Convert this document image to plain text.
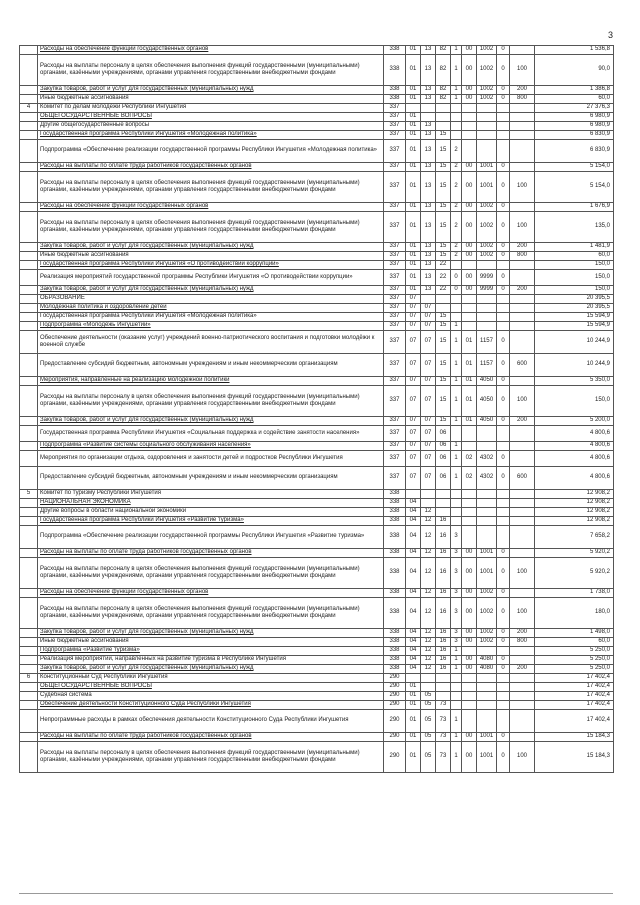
3
	Расходы на обеспечение функций государственных органов	338	01	13	82	1	00	1002	0		1 536,8
	Расходы на выплаты персоналу в целях обеспечения выполнения функций государственными (муниципальными) органами, казёнными учреждениями, органами управления государственными внебюджетными фондами	338	01	13	82	1	00	1002	0	100	90,0
	Закупка товаров, работ и услуг для государственных (муниципальных) нужд	338	01	13	82	1	00	1002	0	200	1 386,8
	Иные бюджетные ассигнования	338	01	13	82	1	00	1002	0	800	60,0
4	Комитет по делам молодежи Республики Ингушетия	337									27 376,3
	ОБЩЕГОСУДАРСТВЕННЫЕ ВОПРОСЫ	337	01								6 980,9
	Другие общегосударственные вопросы	337	01	13							6 980,9
	Государственная программа Республики Ингушетия «Молодежная политика»	337	01	13	15						6 830,9
	Подпрограмма «Обеспечение реализации государственной программы Республики Ингушетия «Молодежная политика»	337	01	13	15	2					6 830,9
	Расходы на выплаты по оплате труда работников государственных органов	337	01	13	15	2	00	1001	0		5 154,0
	Расходы на выплаты персоналу в целях обеспечения выполнения функций государственными (муниципальными) органами, казёнными учреждениями, органами управления государственными внебюджетными фондами	337	01	13	15	2	00	1001	0	100	5 154,0
	Расходы на обеспечение функций государственных органов	337	01	13	15	2	00	1002	0		1 676,9
	Расходы на выплаты персоналу в целях обеспечения выполнения функций государственными (муниципальными) органами, казёнными учреждениями, органами управления государственными внебюджетными фондами	337	01	13	15	2	00	1002	0	100	135,0
	Закупка товаров, работ и услуг для государственных (муниципальных) нужд	337	01	13	15	2	00	1002	0	200	1 481,9
	Иные бюджетные ассигнования	337	01	13	15	2	00	1002	0	800	60,0
	Государственная программа Республики Ингушетия «О противодействии коррупции»	337	01	13	22						150,0
	Реализация мероприятий государственной программы Республики Ингушетия «О противодействии коррупции»	337	01	13	22	0	00	9999	0		150,0
	Закупка товаров, работ и услуг для государственных (муниципальных) нужд	337	01	13	22	0	00	9999	0	200	150,0
	ОБРАЗОВАНИЕ	337	07								20 395,5
	Молодёжная политика и оздоровление детей	337	07	07							20 395,5
	Государственная программа Республики Ингушетия «Молодежная политика»	337	07	07	15						15 594,9
	Подпрограмма «Молодёжь Ингушетии»	337	07	07	15	1					15 594,9
	Обеспечение деятельности (оказание услуг) учреждений военно-патриотического воспитания и подготовки молодёжи к военной службе	337	07	07	15	1	01	1157	0		10 244,9
	Предоставление субсидий бюджетным, автономным учреждениям и иным некоммерческим организациям	337	07	07	15	1	01	1157	0	600	10 244,9
	Мероприятия, направленные на реализацию молодежной политики	337	07	07	15	1	01	4050	0		5 350,0
	Расходы на выплаты персоналу в целях обеспечения выполнения функций государственными (муниципальными) органами, казёнными учреждениями, органами управления государственными внебюджетными фондами	337	07	07	15	1	01	4050	0	100	150,0
	Закупка товаров, работ и услуг для государственных (муниципальных) нужд	337	07	07	15	1	01	4050	0	200	5 200,0
	Государственная программа Республики Ингушетия «Социальная поддержка и содействие занятости населения»	337	07	07	06						4 800,6
	Подпрограмма «Развитие системы социального обслуживания населения»	337	07	07	06	1					4 800,6
	Мероприятия по организации отдыха, оздоровления и занятости детей и подростков Республики Ингушетия	337	07	07	06	1	02	4302	0		4 800,6
	Предоставление субсидий бюджетным, автономным учреждениям и иным некоммерческим организациям	337	07	07	06	1	02	4302	0	600	4 800,6
5	Комитет по туризму Республики Ингушетия	338									12 908,2
	НАЦИОНАЛЬНАЯ ЭКОНОМИКА	338	04								12 908,2
	Другие вопросы в области национальной экономики	338	04	12							12 908,2
	Государственная программа Республики Ингушетия «Развитие туризма»	338	04	12	16						12 908,2
	Подпрограмма «Обеспечение реализации государственной программы Республики Ингушетия «Развитие туризма»	338	04	12	16	3					7 658,2
	Расходы на выплаты по оплате труда работников государственных органов	338	04	12	16	3	00	1001	0		5 920,2
	Расходы на выплаты персоналу в целях обеспечения выполнения функций государственными (муниципальными) органами, казёнными учреждениями, органами управления государственными внебюджетными фондами	338	04	12	16	3	00	1001	0	100	5 920,2
	Расходы на обеспечение функций государственных органов	338	04	12	16	3	00	1002	0		1 738,0
	Расходы на выплаты персоналу в целях обеспечения выполнения функций государственными (муниципальными) органами, казёнными учреждениями, органами управления государственными внебюджетными фондами	338	04	12	16	3	00	1002	0	100	180,0
	Закупка товаров, работ и услуг для государственных (муниципальных) нужд	338	04	12	16	3	00	1002	0	200	1 498,0
	Иные бюджетные ассигнования	338	04	12	16	3	00	1002	0	800	60,0
	Подпрограмма «Развитие туризма»	338	04	12	16	1					5 250,0
	Реализация мероприятий, направленных на развитие туризма в Республике Ингушетия	338	04	12	16	1	00	4080	0		5 250,0
	Закупка товаров, работ и услуг для государственных (муниципальных) нужд	338	04	12	16	1	00	4080	0	200	5 250,0
6	Конституционный Суд Республики Ингушетия	290									17 402,4
	ОБЩЕГОСУДАРСТВЕННЫЕ ВОПРОСЫ	290	01								17 402,4
	Судебная система	290	01	05							17 402,4
	Обеспечение деятельности Конституционного Суда Республики Ингушетия	290	01	05	73						17 402,4
	Непрограммные расходы в рамках обеспечения деятельности Конституционного Суда Республики Ингушетия	290	01	05	73	1					17 402,4
	Расходы на выплаты по оплате труда работников государственных органов	290	01	05	73	1	00	1001	0		15 184,3
	Расходы на выплаты персоналу в целях обеспечения выполнения функций государственными (муниципальными) органами, казёнными учреждениями, органами управления государственными внебюджетными фондами	290	01	05	73	1	00	1001	0	100	15 184,3
